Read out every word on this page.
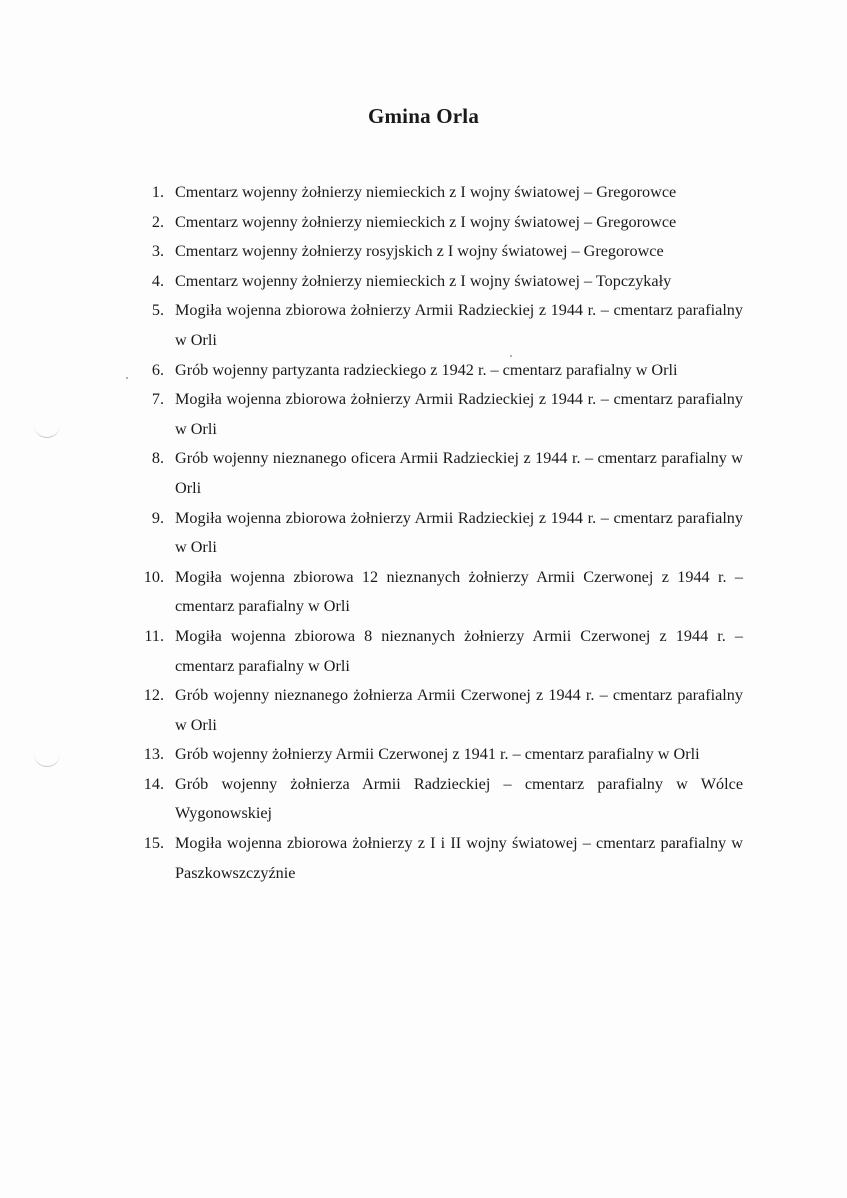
Gmina Orla
1. Cmentarz wojenny żołnierzy niemieckich z I wojny światowej – Gregorowce
2. Cmentarz wojenny żołnierzy niemieckich z I wojny światowej – Gregorowce
3. Cmentarz wojenny żołnierzy rosyjskich z I wojny światowej – Gregorowce
4. Cmentarz wojenny żołnierzy niemieckich z I wojny światowej – Topczykały
5. Mogiła wojenna zbiorowa żołnierzy Armii Radzieckiej z 1944 r. – cmentarz parafialny w Orli
6. Grób wojenny partyzanta radzieckiego z 1942 r. – cmentarz parafialny w Orli
7. Mogiła wojenna zbiorowa żołnierzy Armii Radzieckiej z 1944 r. – cmentarz parafialny w Orli
8. Grób wojenny nieznanego oficera Armii Radzieckiej z 1944 r. – cmentarz parafialny w Orli
9. Mogiła wojenna zbiorowa żołnierzy Armii Radzieckiej z 1944 r. – cmentarz parafialny w Orli
10. Mogiła wojenna zbiorowa 12 nieznanych żołnierzy Armii Czerwonej z 1944 r. – cmentarz parafialny w Orli
11. Mogiła wojenna zbiorowa 8 nieznanych żołnierzy Armii Czerwonej z 1944 r. – cmentarz parafialny w Orli
12. Grób wojenny nieznanego żołnierza Armii Czerwonej z 1944 r. – cmentarz parafialny w Orli
13. Grób wojenny żołnierzy Armii Czerwonej z 1941 r. – cmentarz parafialny w Orli
14. Grób wojenny żołnierza Armii Radzieckiej – cmentarz parafialny w Wólce Wygonowskiej
15. Mogiła wojenna zbiorowa żołnierzy z I i II wojny światowej – cmentarz parafialny w Paszkowszczyźnie
